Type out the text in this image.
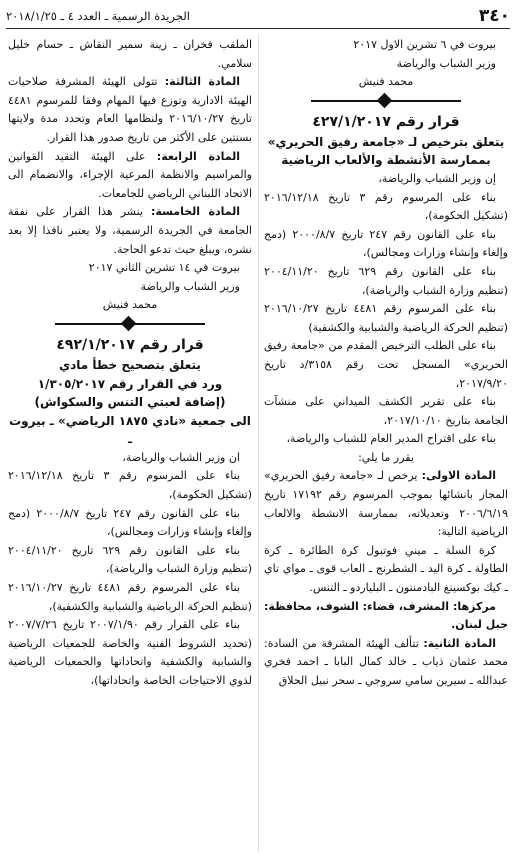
٣٤٠
الجريدة الرسمية ـ العدد ٤ ـ ٢٠١٨/١/٢٥

بيروت في ٦ تشرين الاول ٢٠١٧

وزير الشباب والرياضة

محمد فنيش

قرار رقم ٤٢٧/١/٢٠١٧

يتعلق بترخيص لـ «جامعة رفيق الحريري»

بممارسة الأنشطة والألعاب الرياضية

إن وزير الشباب والرياضة،

بناء على المرسوم رقم ٣ تاريخ ٢٠١٦/١٢/١٨ (تشكيل الحكومة)،

بناء على القانون رقم ٢٤٧ تاريخ ٢٠٠٠/٨/٧ (دمج وإلغاء وإنشاء وزارات ومجالس)،

بناء على القانون رقم ٦٢٩ تاريخ ٢٠٠٤/١١/٢٠ (تنظيم وزارة الشباب والرياضة)،

بناء على المرسوم رقم ٤٤٨١ تاريخ ٢٠١٦/١٠/٢٧ (تنظيم الحركة الرياضية والشبابية والكشفية)

بناء على الطلب الترخيص المقدم من «جامعة رفيق الحريري» المسجل تحت رقم ٣١٥٨/د تاريخ ٢٠١٧/٩/٢٠،

بناء على تقرير الكشف الميداني على منشآت الجامعة بتاريخ ٢٠١٧/١٠/١٠،

بناء على اقتراح المدير العام للشباب والرياضة،

يقرر ما يلي:

المادة الاولى: يرخص لـ «جامعة رفيق الحريري» المجاز بانشائها بموجب المرسوم رقم ١٧١٩٢ تاريخ ٢٠٠٦/٦/١٩ وتعديلاته، بممارسة الانشطة والالعاب الرياضية التالية:

كرة السلة ـ ميني فوتبول كرة الطائرة ـ كرة الطاولة ـ كرة اليد ـ الشطرنج ـ العاب قوى ـ مواي تاي ـ كيك بوكسينغ البادمنتون ـ البلياردو ـ التنس.

مركزها: المشرف، قضاء: الشوف، محافظة: جبل لبنان.

المادة الثانية: تتألف الهيئة المشرفة من السادة: محمد عثمان ذياب ـ خالد كمال البابا ـ احمد فخري عبدالله ـ سيرين سامي سروجي ـ سحر نبيل الحلاق

الملقب فخران ـ زينة سمير النقاش ـ حسام خليل سلامي.

المادة الثالثة: تتولى الهيئة المشرفة صلاحيات الهيئة الادارية وتوزع فيها المهام وفقا للمرسوم ٤٤٨١ تاريخ ٢٠١٦/١٠/٢٧ ولنظامها العام وتحدد مدة ولايتها بسنتين على الأكثر من تاريخ صدور هذا القرار.

المادة الرابعة: على الهيئة التقيد القوانين والمراسيم والانظمة المرعية الإجراء، والانضمام الى الاتحاد اللبناني الرياضي للجامعات.

المادة الخامسة: ينشر هذا القرار على نفقة الجامعة في الجريدة الرسمية، ولا يعتبر نافذا إلا بعد نشره، ويبلغ حيث تدعو الحاجة.

بيروت في ١٤ تشرين الثاني ٢٠١٧

وزير الشباب والرياضة

محمد فنيش

قرار رقم ٤٩٢/١/٢٠١٧

يتعلق بتصحيح خطأ مادي

ورد في القرار رقم ١/٣٠٥/٢٠١٧

(إضافة لعبتي التنس والسكواش)

الى جمعية «نادي ١٨٧٥ الرياضي» ـ بيروت ـ

ان وزير الشباب والرياضة،

بناء على المرسوم رقم ٣ تاريخ ٢٠١٦/١٢/١٨ (تشكيل الحكومة)،

بناء على القانون رقم ٢٤٧ تاريخ ٢٠٠٠/٨/٧ (دمج وإلغاء وإنشاء وزارات ومجالس)،

بناء على القانون رقم ٦٢٩ تاريخ ٢٠٠٤/١١/٢٠ (تنظيم وزارة الشباب والرياضة)،

بناء على المرسوم رقم ٤٤٨١ تاريخ ٢٠١٦/١٠/٢٧ (تنظيم الحركة الرياضية والشبابية والكشفية)،

بناء على القرار رقم ٢٠٠٧/١/٩٠ تاريخ ٢٠٠٧/٧/٢٦ (تحديد الشروط الفنية والخاصة للجمعيات الرياضية والشبابية والكشفية واتحاداتها والجمعيات الرياضية لذوي الاحتياجات الخاصة واتحاداتها)،
